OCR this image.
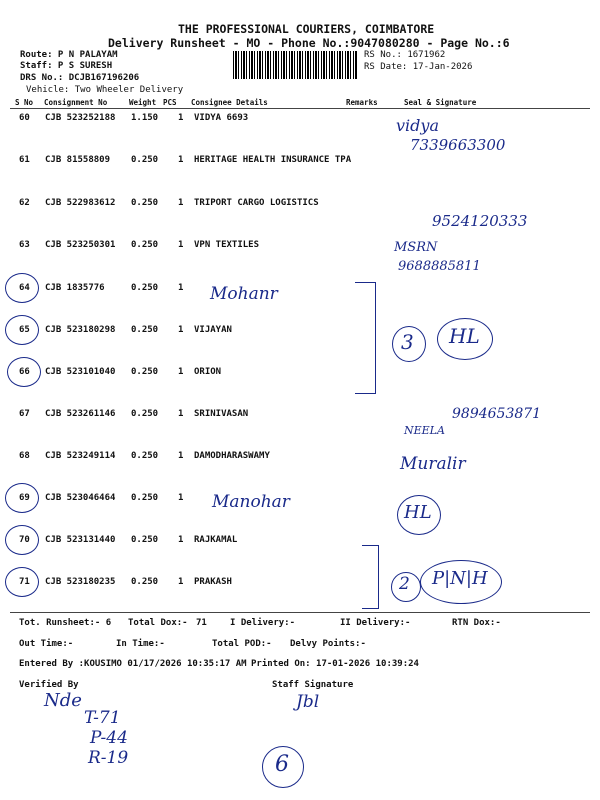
THE PROFESSIONAL COURIERS, COIMBATORE
Delivery Runsheet - MO - Phone No.:9047080280 - Page No.:6
Route: P N PALAYAM
Staff: P S SURESH
DRS No.: DCJB167196206
Vehicle: Two Wheeler Delivery
RS No.: 1671962
RS Date: 17-Jan-2026
S No Consignment No	Weight PCS Consignee Details	Remarks	Seal & Signature
60 CJB 523252188 1.150 1 VIDYA 6693
61 CJB 81558809 0.250 1 HERITAGE HEALTH INSURANCE TPA
62 CJB 522983612 0.250 1 TRIPORT CARGO LOGISTICS
63 CJB 523250301 0.250 1 VPN TEXTILES
64 CJB 1835776	0.250 1
65 CJB 523180298 0.250 1 VIJAYAN
66 CJB 523101040 0.250 1 ORION
67 CJB 523261146 0.250 1 SRINIVASAN
68 CJB 523249114 0.250 1 DAMODHARASWAMY
69 CJB 523046464 0.250 1
70 CJB 523131440 0.250 1 RAJKAMAL
71 CJB 523180235 0.250 1 PRAKASH
Tot. Runsheet:- 6 Total Dox:- 71	I Delivery:-	II Delivery:-	RTN Dox:-
Out Time:-	In Time:-	Total POD:- Delvy Points:-
Entered By :KOUSIMO 01/17/2026 10:35:17 AM Printed On: 17-01-2026 10:39:24
Verified By	Staff Signature
vidya
7339663300
9524120333
MSRN
9688885811
Mohanr
3 HL
NEELA
9894653871
Muralir
Manohar	HL
2 P|N|H
Nde
T-71
P-44
R-19
Jbl
6
